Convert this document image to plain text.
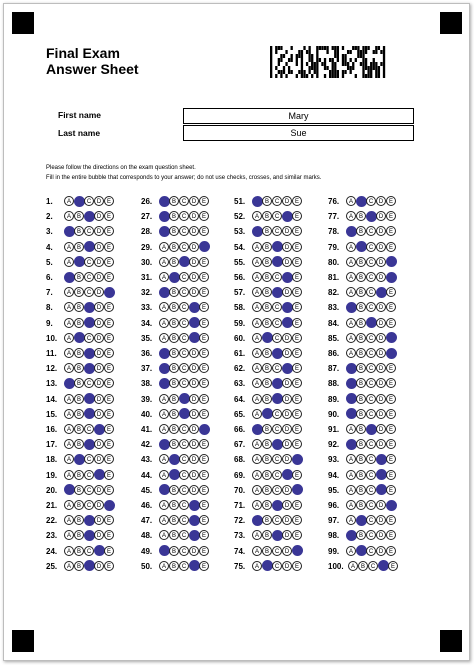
Final Exam
Answer Sheet
First name	Mary
Last name	Sue
Please follow the directions on the exam question sheet.
Fill in the entire bubble that corresponds to your answer; do not use checks, crosses, and similar marks.
1.	A	B C D E
2.	A B	C D E
3.	A B C D E
4.	A B	C D E
5.	A	B C D E
6.	A B C D E
7.	A B C D	E
8.	A B	C D E
9.	A B	C D E
10.	A	B C D E
11.	A B	C D E
12.	A B	C D E
13.	A B C D E
14.	A B	C D E
15.	A B	C D E
16.	A B C	D E
17.	A B	C D E
18.	A	B C D E
19.	A B C	D E
20.	A B C D E
21.	A B C D	E
22.	A B	C D E
23.	A B	C D E
24.	A B C	D E
25.	A B	C D E
26.	A B C D E
27.	A B C D E
28.	A B C D E
29.	A B C D	E
30.	A B	C D E
31.	A	B C D E
32.	A B C D E
33.	A B C	D E
34.	A B C	D E
35.	A B C	D E
36.	A B C D E
37.	A B C D E
38.	A B C D E
39.	A B	C D E
40.	A B	C D E
41.	A B C D	E
42.	A B C D E
43.	A	B C D E
44.	A	B C D E
45.	A B C D E
46.	A B C	D E
47.	A B C	D E
48.	A B C	D E
49.	A B C D E
50.	A B C	D E
51.	A B C D E
52.	A B C	D E
53.	A B C D E
54.	A B	C D E
55.	A B	C D E
56.	A B C	D E
57.	A B	C D E
58.	A B C	D E
59.	A B C	D E
60.	A	B C D E
61.	A B	C D E
62.	A B C	D E
63.	A B	C D E
64.	A B	C D E
65.	A	B C D E
66.	A B C D E
67.	A B	C D E
68.	A B C D	E
69.	A B C	D E
70.	A B C D	E
71.	A B	C D E
72.	A B C D E
73.	A B	C D E
74.	A B C D	E
75.	A	B C D E
76.	A	B C D E
77.	A B	C D E
78.	A B C D E
79.	A	B C D E
80.	A B C D	E
81.	A B C D	E
82.	A B C	D E
83.	A B C D E
84.	A B	C D E
85.	A B C D	E
86.	A B C D	E
87.	A B C D E
88.	A B C D E
89.	A B C D E
90.	A B C D E
91.	A B	C D E
92.	A B C D E
93.	A B C	D E
94.	A B C	D E
95.	A B C	D E
96.	A B C D	E
97.	A	B C D E
98.	A B C D E
99.	A	B C D E
100.	A B C	D E
